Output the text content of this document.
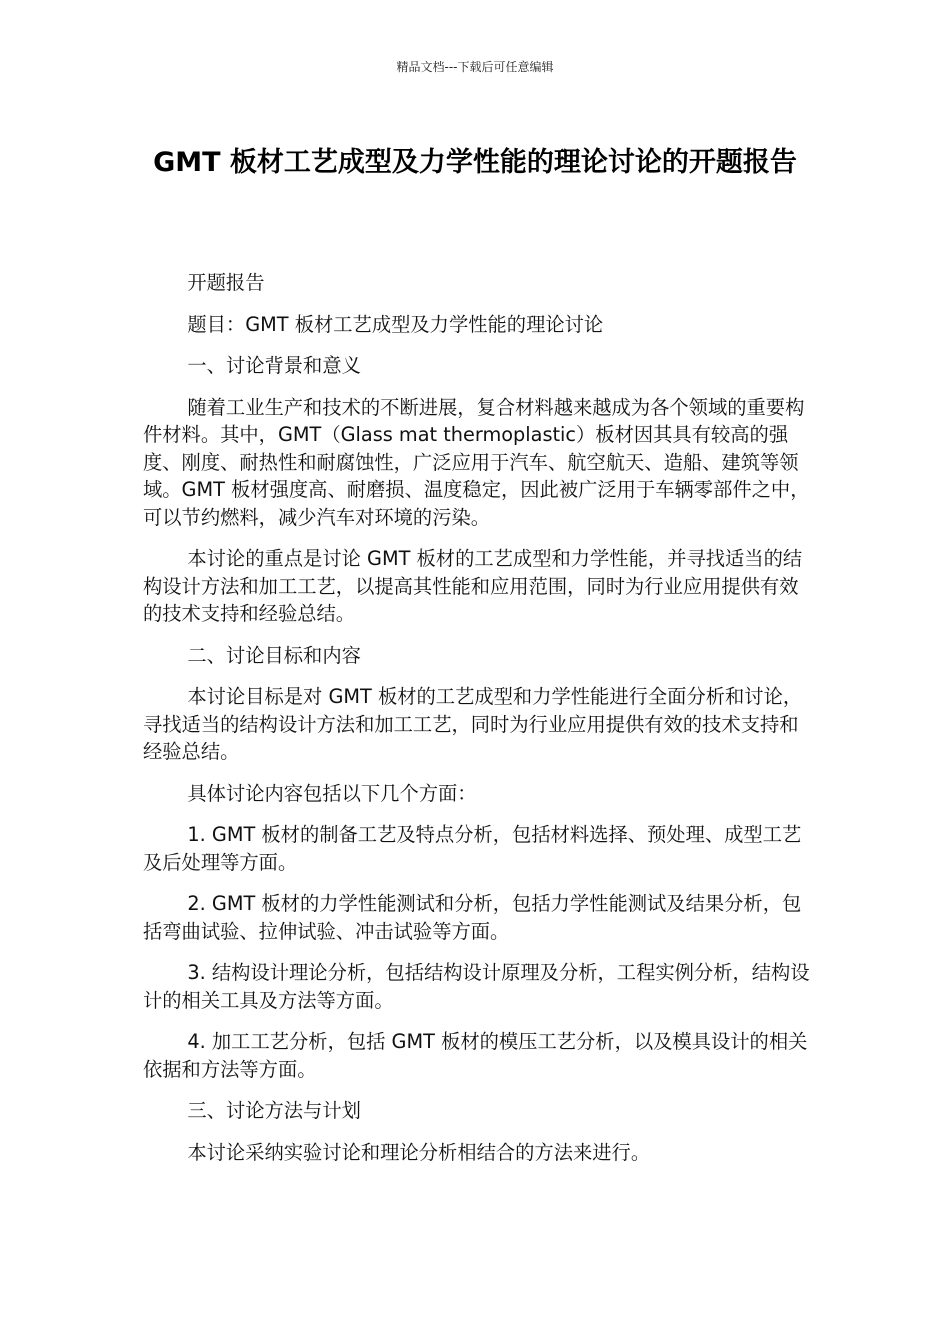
精品文档---下载后可任意编辑
GMT 板材工艺成型及力学性能的理论讨论的开题报告

开题报告

题目：GMT 板材工艺成型及力学性能的理论讨论

一、讨论背景和意义

随着工业生产和技术的不断进展，复合材料越来越成为各个领域的重要构件材料。其中，GMT（Glass mat thermoplastic）板材因其具有较高的强度、刚度、耐热性和耐腐蚀性，广泛应用于汽车、航空航天、造船、建筑等领域。GMT 板材强度高、耐磨损、温度稳定，因此被广泛用于车辆零部件之中，可以节约燃料，减少汽车对环境的污染。

本讨论的重点是讨论 GMT 板材的工艺成型和力学性能，并寻找适当的结构设计方法和加工工艺，以提高其性能和应用范围，同时为行业应用提供有效的技术支持和经验总结。

二、讨论目标和内容

本讨论目标是对 GMT 板材的工艺成型和力学性能进行全面分析和讨论，寻找适当的结构设计方法和加工工艺，同时为行业应用提供有效的技术支持和经验总结。

具体讨论内容包括以下几个方面：

1. GMT 板材的制备工艺及特点分析，包括材料选择、预处理、成型工艺及后处理等方面。

2. GMT 板材的力学性能测试和分析，包括力学性能测试及结果分析，包括弯曲试验、拉伸试验、冲击试验等方面。

3. 结构设计理论分析，包括结构设计原理及分析，工程实例分析，结构设计的相关工具及方法等方面。

4. 加工工艺分析，包括 GMT 板材的模压工艺分析，以及模具设计的相关依据和方法等方面。

三、讨论方法与计划

本讨论采纳实验讨论和理论分析相结合的方法来进行。
